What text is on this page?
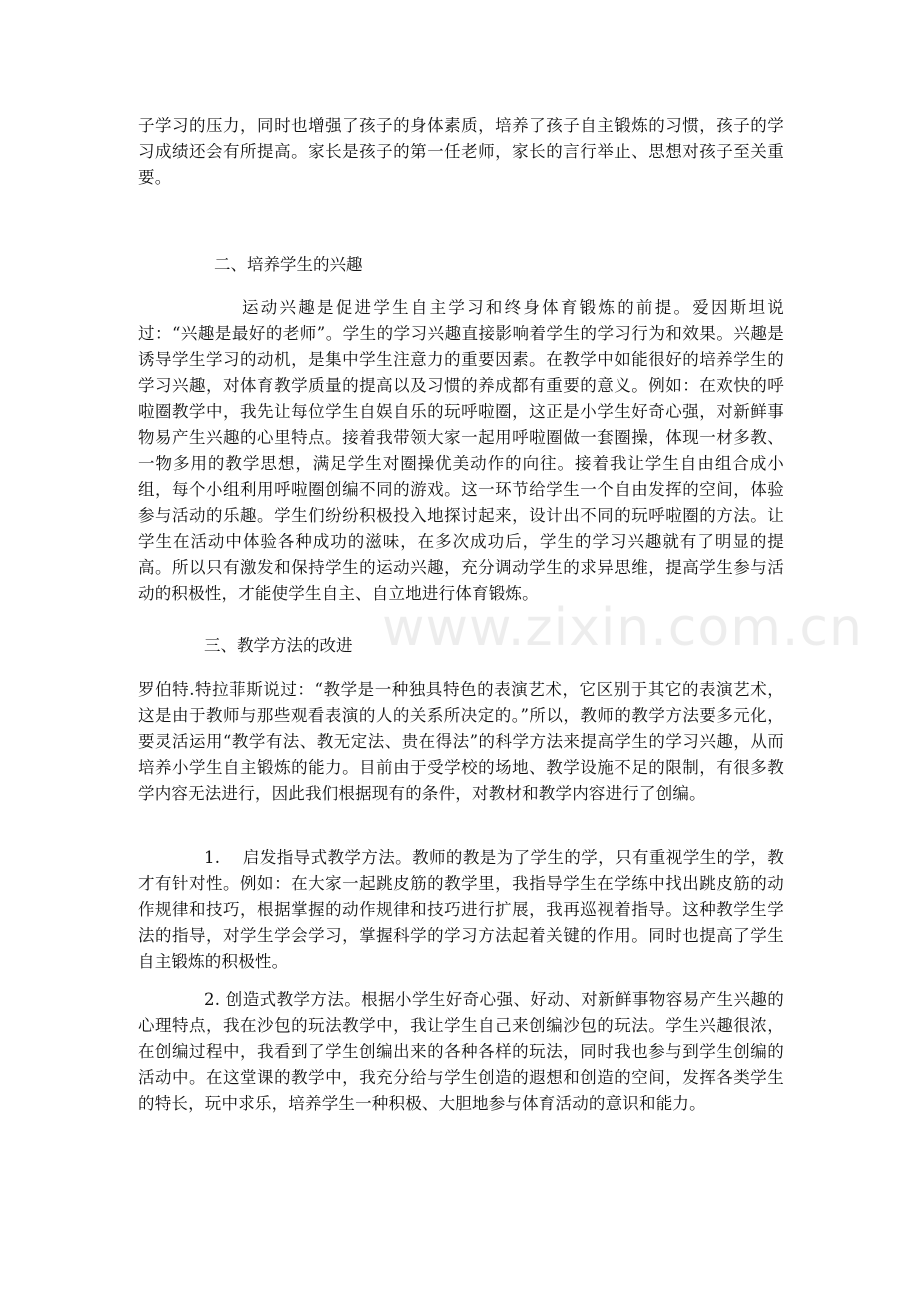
子学习的压力，同时也增强了孩子的身体素质，培养了孩子自主锻炼的习惯，孩子的学习成绩还会有所提高。家长是孩子的第一任老师，家长的言行举止、思想对孩子至关重要。

二、培养学生的兴趣

运动兴趣是促进学生自主学习和终身体育锻炼的前提。爱因斯坦说过：“兴趣是最好的老师”。学生的学习兴趣直接影响着学生的学习行为和效果。兴趣是诱导学生学习的动机，是集中学生注意力的重要因素。在教学中如能很好的培养学生的学习兴趣，对体育教学质量的提高以及习惯的养成都有重要的意义。例如：在欢快的呼啦圈教学中，我先让每位学生自娱自乐的玩呼啦圈，这正是小学生好奇心强，对新鲜事物易产生兴趣的心里特点。接着我带领大家一起用呼啦圈做一套圈操，体现一材多教、一物多用的教学思想，满足学生对圈操优美动作的向往。接着我让学生自由组合成小组，每个小组利用呼啦圈创编不同的游戏。这一环节给学生一个自由发挥的空间，体验参与活动的乐趣。学生们纷纷积极投入地探讨起来，设计出不同的玩呼啦圈的方法。让学生在活动中体验各种成功的滋味，在多次成功后，学生的学习兴趣就有了明显的提高。所以只有激发和保持学生的运动兴趣，充分调动学生的求异思维，提高学生参与活动的积极性，才能使学生自主、自立地进行体育锻炼。

三、教学方法的改进

罗伯特.特拉菲斯说过：“教学是一种独具特色的表演艺术，它区别于其它的表演艺术，这是由于教师与那些观看表演的人的关系所决定的。”所以，教师的教学方法要多元化，要灵活运用“教学有法、教无定法、贵在得法”的科学方法来提高学生的学习兴趣，从而培养小学生自主锻炼的能力。目前由于受学校的场地、教学设施不足的限制，有很多教学内容无法进行，因此我们根据现有的条件，对教材和教学内容进行了创编。

1.　 启发指导式教学方法。教师的教是为了学生的学，只有重视学生的学，教才有针对性。例如：在大家一起跳皮筋的教学里，我指导学生在学练中找出跳皮筋的动作规律和技巧，根据掌握的动作规律和技巧进行扩展，我再巡视着指导。这种教学生学法的指导，对学生学会学习，掌握科学的学习方法起着关键的作用。同时也提高了学生自主锻炼的积极性。

2. 创造式教学方法。根据小学生好奇心强、好动、对新鲜事物容易产生兴趣的心理特点，我在沙包的玩法教学中，我让学生自己来创编沙包的玩法。学生兴趣很浓，在创编过程中，我看到了学生创编出来的各种各样的玩法，同时我也参与到学生创编的活动中。在这堂课的教学中，我充分给与学生创造的遐想和创造的空间，发挥各类学生的特长，玩中求乐，培养学生一种积极、大胆地参与体育活动的意识和能力。

www.zixin.com.cn
